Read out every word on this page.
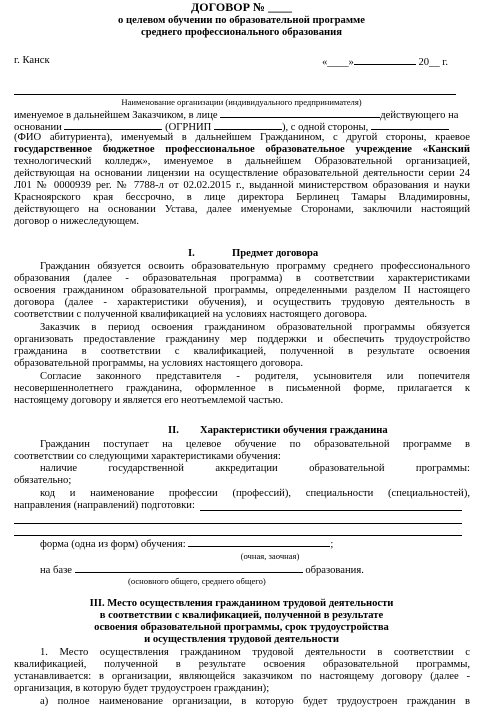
ДОГОВОР № ____
о целевом обучении по образовательной программе
среднего профессионального образования
г. Канск	«____»	20__ г.
Наименование организации (индивидуального предпринимателя)
именуемое в дальнейшем Заказчиком, в лице	действующего на
основании	(ОГРНИП	), с одной стороны,
(ФИО абитуриента), именуемый в дальнейшем Гражданином, с другой стороны, краевое
государственное бюджетное профессиональное образовательное учреждение «Канский
технологический колледж», именуемое в дальнейшем Образовательной организацией,
действующая на основании лицензии на осуществление образовательной деятельности серии 24
Л01 № 0000939 рег. № 7788-л от 02.02.2015 г., выданной министерством образования и науки
Красноярского края бессрочно, в лице директора Берлинец Тамары Владимировны,
действующего на основании Устава, далее именуемые Сторонами, заключили настоящий
договор о нижеследующем.
I.	Предмет договора
Гражданин обязуется освоить образовательную программу среднего профессионального
образования (далее - образовательная программа) в соответствии характеристиками
освоения гражданином образовательной программы, определенными разделом II настоящего
договора (далее - характеристики обучения), и осуществить трудовую деятельность в
соответствии с полученной квалификацией на условиях настоящего договора.
Заказчик в период освоения гражданином образовательной программы обязуется
организовать предоставление гражданину мер поддержки и обеспечить трудоустройство
гражданина в соответствии с квалификацией, полученной в результате освоения
образовательной программы, на условиях настоящего договора.
Согласие законного представителя - родителя, усыновителя или попечителя
несовершеннолетнего гражданина, оформленное в письменной форме, прилагается к
настоящему договору и является его неотъемлемой частью.
II. Характеристики обучения гражданина
Гражданин поступает на целевое обучение по образовательной программе в
соответствии со следующими характеристиками обучения:
наличие государственной аккредитации образовательной программы:
обязательно;
код и наименование профессии (профессий), специальности (специальностей),
направления (направлений) подготовки:
форма (одна из форм) обучения:	;
(очная, заочная)
на базе	образования.
(основного общего, среднего общего)
III. Место осуществления гражданином трудовой деятельности
в соответствии с квалификацией, полученной в результате
освоения образовательной программы, срок трудоустройства
и осуществления трудовой деятельности
1. Место осуществления гражданином трудовой деятельности в соответствии с
квалификацией, полученной в результате освоения образовательной программы,
устанавливается: в организации, являющейся заказчиком по настоящему договору (далее -
организация, в которую будет трудоустроен гражданин);
а) полное наименование организации, в которую будет трудоустроен гражданин в
